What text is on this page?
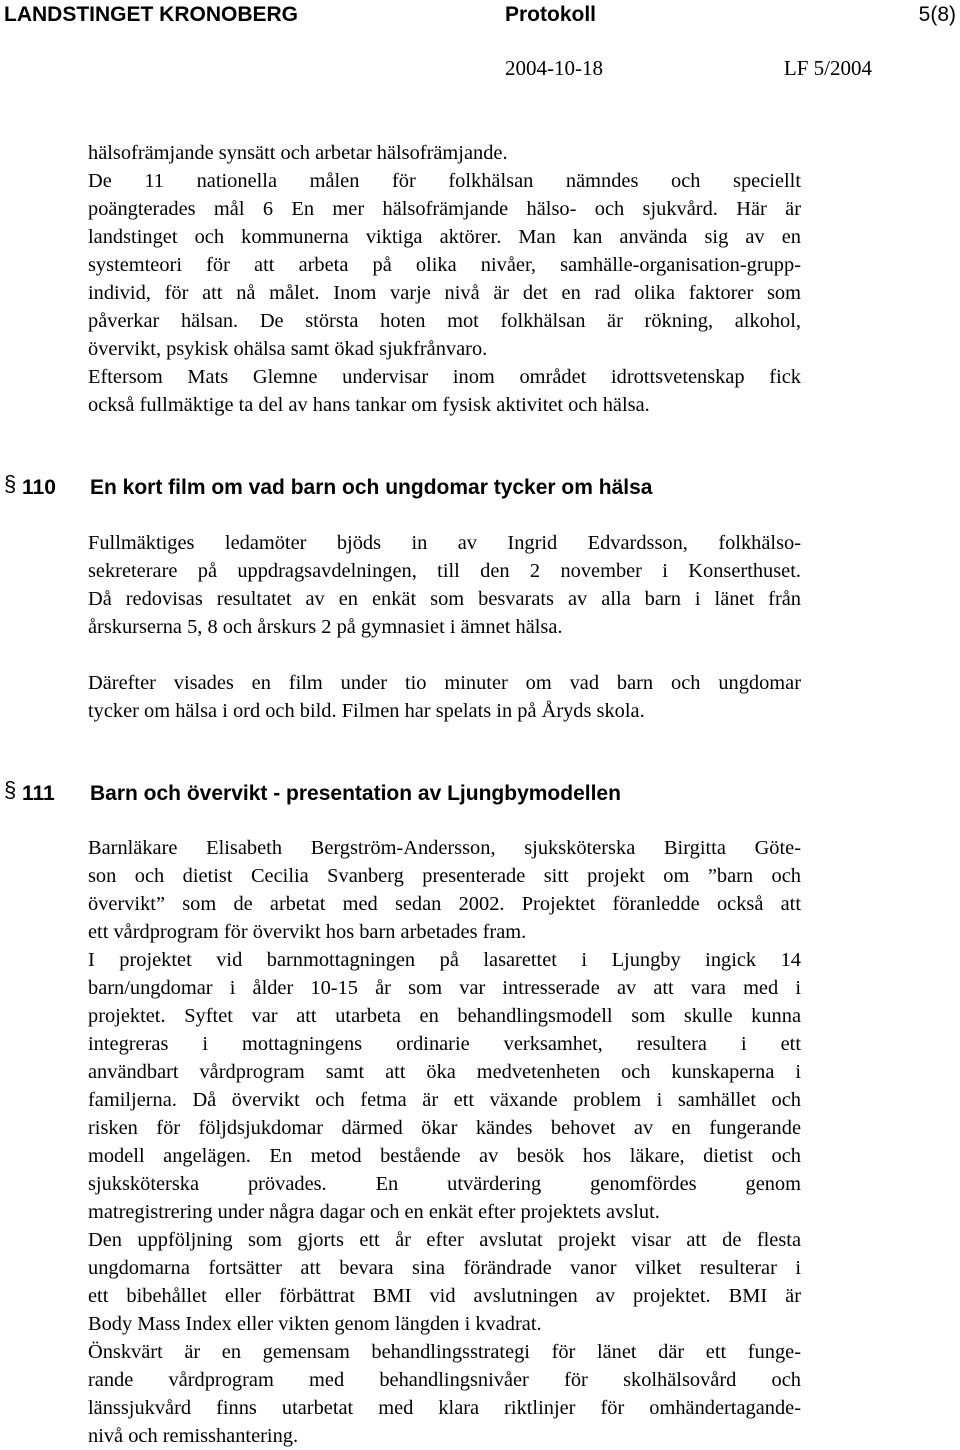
LANDSTINGET KRONOBERG	Protokoll	5(8)
2004-10-18	LF 5/2004
hälsofrämjande synsätt och arbetar hälsofrämjande.
De 11 nationella målen för folkhälsan nämndes och speciellt
poängterades mål 6 En mer hälsofrämjande hälso- och sjukvård. Här är
landstinget och kommunerna viktiga aktörer. Man kan använda sig av en
systemteori för att arbeta på olika nivåer, samhälle-organisation-grupp-
individ, för att nå målet. Inom varje nivå är det en rad olika faktorer som
påverkar hälsan. De största hoten mot folkhälsan är rökning, alkohol,
övervikt, psykisk ohälsa samt ökad sjukfrånvaro.
Eftersom Mats Glemne undervisar inom området idrottsvetenskap fick
också fullmäktige ta del av hans tankar om fysisk aktivitet och hälsa.
§ 110 En kort film om vad barn och ungdomar tycker om hälsa
Fullmäktiges ledamöter bjöds in av Ingrid Edvardsson, folkhälso-
sekreterare på uppdragsavdelningen, till den 2 november i Konserthuset.
Då redovisas resultatet av en enkät som besvarats av alla barn i länet från
årskurserna 5, 8 och årskurs 2 på gymnasiet i ämnet hälsa.
Därefter visades en film under tio minuter om vad barn och ungdomar
tycker om hälsa i ord och bild. Filmen har spelats in på Åryds skola.
§ 111 Barn och övervikt - presentation av Ljungbymodellen
Barnläkare Elisabeth Bergström-Andersson, sjuksköterska Birgitta Göte-
son och dietist Cecilia Svanberg presenterade sitt projekt om ”barn och
övervikt” som de arbetat med sedan 2002. Projektet föranledde också att
ett vårdprogram för övervikt hos barn arbetades fram.
I projektet vid barnmottagningen på lasarettet i Ljungby ingick 14
barn/ungdomar i ålder 10-15 år som var intresserade av att vara med i
projektet. Syftet var att utarbeta en behandlingsmodell som skulle kunna
integreras i mottagningens ordinarie verksamhet, resultera i ett
användbart vårdprogram samt att öka medvetenheten och kunskaperna i
familjerna. Då övervikt och fetma är ett växande problem i samhället och
risken för följdsjukdomar därmed ökar kändes behovet av en fungerande
modell angelägen. En metod bestående av besök hos läkare, dietist och
sjuksköterska prövades. En utvärdering genomfördes genom
matregistrering under några dagar och en enkät efter projektets avslut.
Den uppföljning som gjorts ett år efter avslutat projekt visar att de flesta
ungdomarna fortsätter att bevara sina förändrade vanor vilket resulterar i
ett bibehållet eller förbättrat BMI vid avslutningen av projektet. BMI är
Body Mass Index eller vikten genom längden i kvadrat.
Önskvärt är en gemensam behandlingsstrategi för länet där ett funge-
rande vårdprogram med behandlingsnivåer för skolhälsovård och
länssjukvård finns utarbetat med klara riktlinjer för omhändertagande-
nivå och remisshantering.
